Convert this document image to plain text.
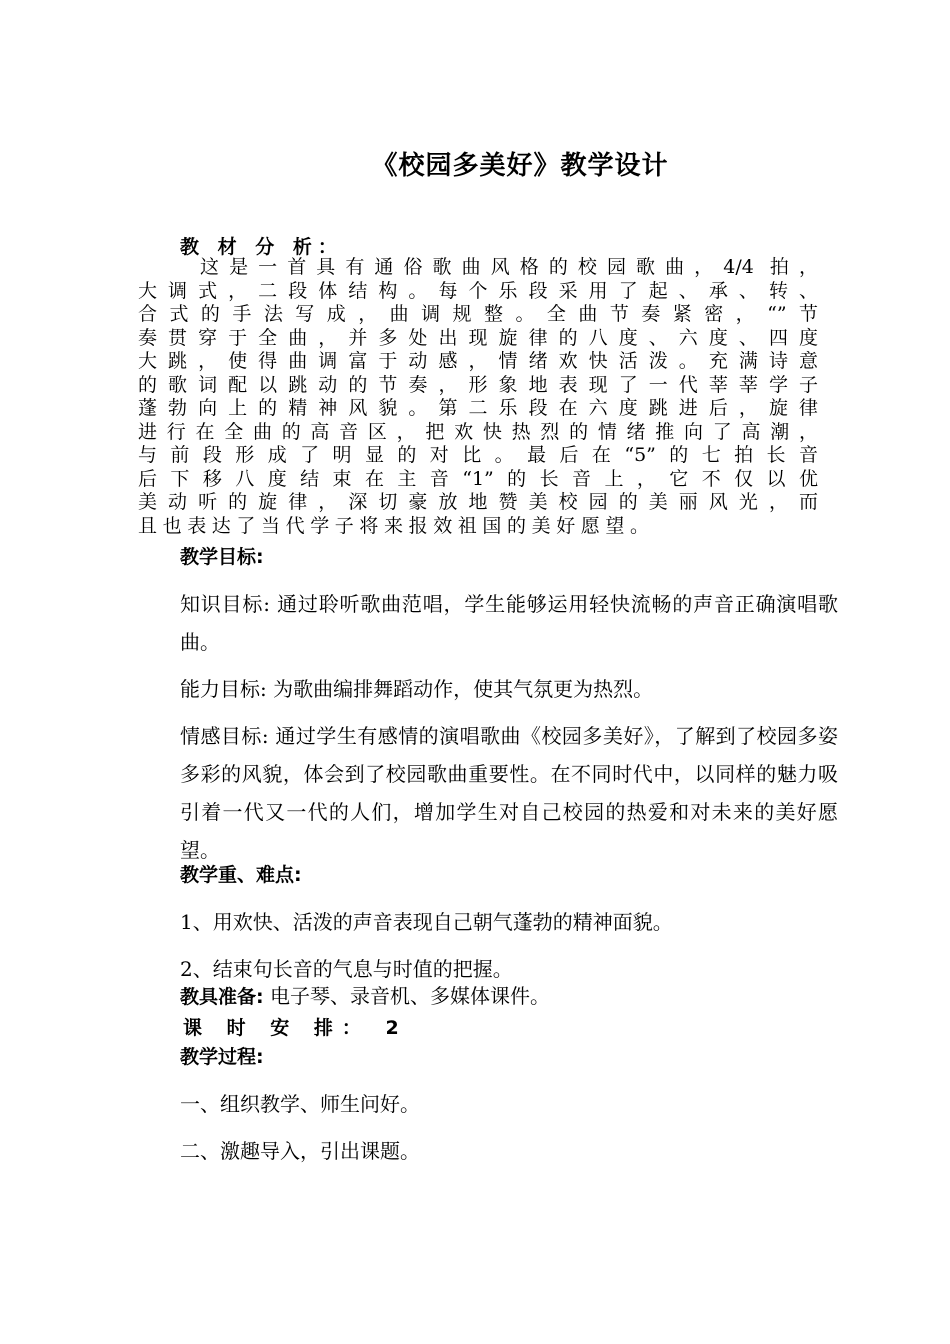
《校园多美好》教学设计
教 材 分 析：
这是一首具有通俗歌曲风格的校园歌曲，4/4 拍，
大调式，二段体结构。每个乐段采用了起、承、转、
合式的手法写成，曲调规整。全曲节奏紧密，“”节
奏贯穿于全曲，并多处出现旋律的八度、六度、四度
大跳，使得曲调富于动感，情绪欢快活泼。充满诗意
的歌词配以跳动的节奏，形象地表现了一代莘莘学子
蓬勃向上的精神风貌。第二乐段在六度跳进后，旋律
进行在全曲的高音区，把欢快热烈的情绪推向了高潮，
与前段形成了明显的对比。最后在“5”的七拍长音
后下移八度结束在主音“1”的长音上，它不仅以优
美动听的旋律，深切豪放地赞美校园的美丽风光，而
且也表达了当代学子将来报效祖国的美好愿望。
教学目标:
知识目标: 通过聆听歌曲范唱，学生能够运用轻快流畅的声音正确演唱歌曲。
能力目标: 为歌曲编排舞蹈动作，使其气氛更为热烈。
情感目标: 通过学生有感情的演唱歌曲《校园多美好》，了解到了校园多姿多彩的风貌，体会到了校园歌曲重要性。在不同时代中，以同样的魅力吸引着一代又一代的人们，增加学生对自己校园的热爱和对未来的美好愿望。
教学重、难点:
1、用欢快、活泼的声音表现自己朝气蓬勃的精神面貌。
2、结束句长音的气息与时值的把握。
教具准备: 电子琴、录音机、多媒体课件。
课 时 安 排： 2
教学过程:
一、组织教学、师生问好。
二、激趣导入，引出课题。
